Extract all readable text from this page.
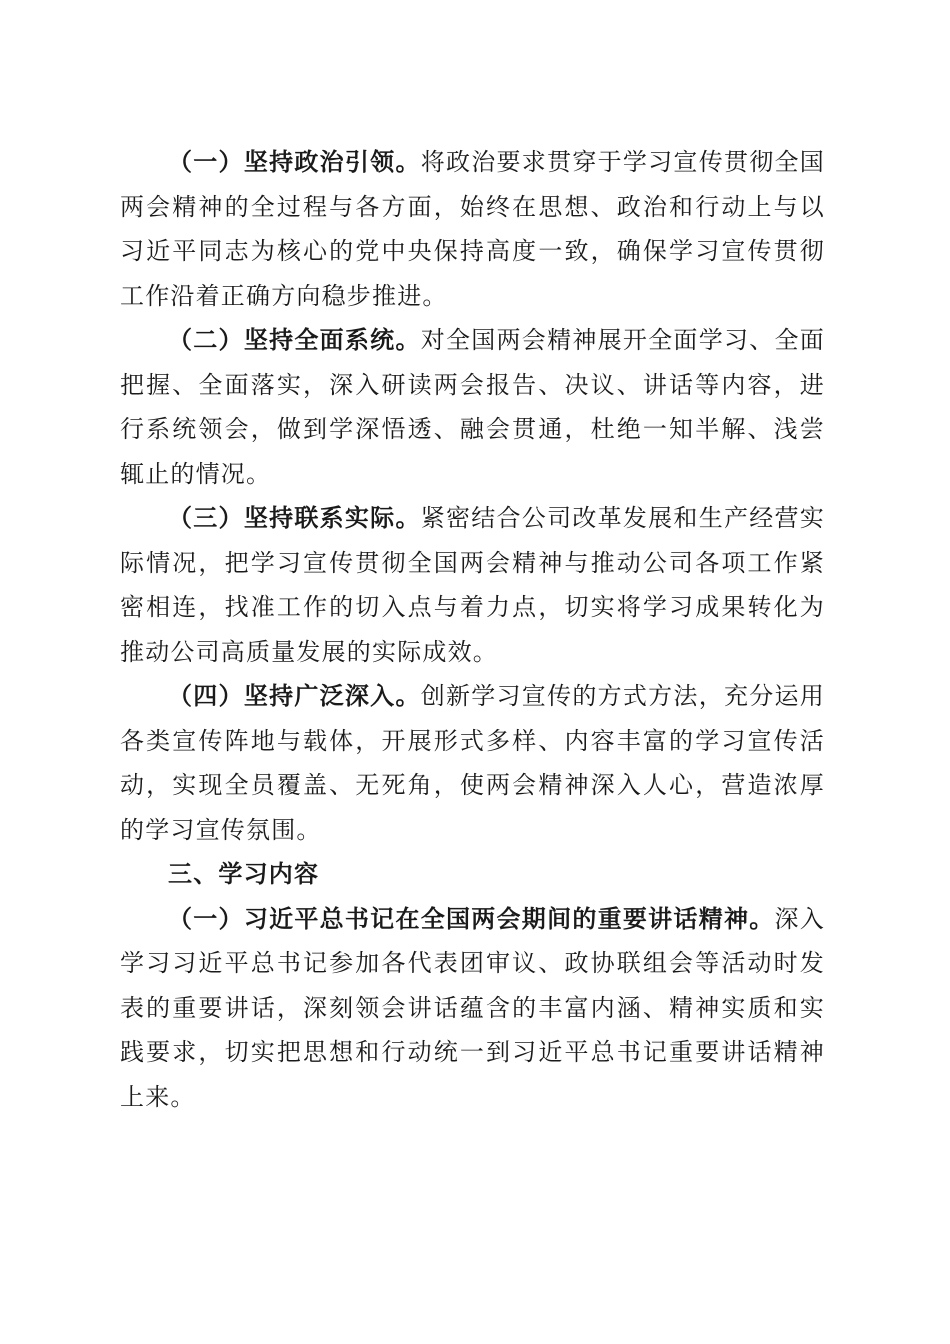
（一）坚持政治引领。将政治要求贯穿于学习宣传贯彻全国两会精神的全过程与各方面，始终在思想、政治和行动上与以习近平同志为核心的党中央保持高度一致，确保学习宣传贯彻工作沿着正确方向稳步推进。

（二）坚持全面系统。对全国两会精神展开全面学习、全面把握、全面落实，深入研读两会报告、决议、讲话等内容，进行系统领会，做到学深悟透、融会贯通，杜绝一知半解、浅尝辄止的情况。

（三）坚持联系实际。紧密结合公司改革发展和生产经营实际情况，把学习宣传贯彻全国两会精神与推动公司各项工作紧密相连，找准工作的切入点与着力点，切实将学习成果转化为推动公司高质量发展的实际成效。

（四）坚持广泛深入。创新学习宣传的方式方法，充分运用各类宣传阵地与载体，开展形式多样、内容丰富的学习宣传活动，实现全员覆盖、无死角，使两会精神深入人心，营造浓厚的学习宣传氛围。

三、学习内容

（一）习近平总书记在全国两会期间的重要讲话精神。深入学习习近平总书记参加各代表团审议、政协联组会等活动时发表的重要讲话，深刻领会讲话蕴含的丰富内涵、精神实质和实践要求，切实把思想和行动统一到习近平总书记重要讲话精神上来。
